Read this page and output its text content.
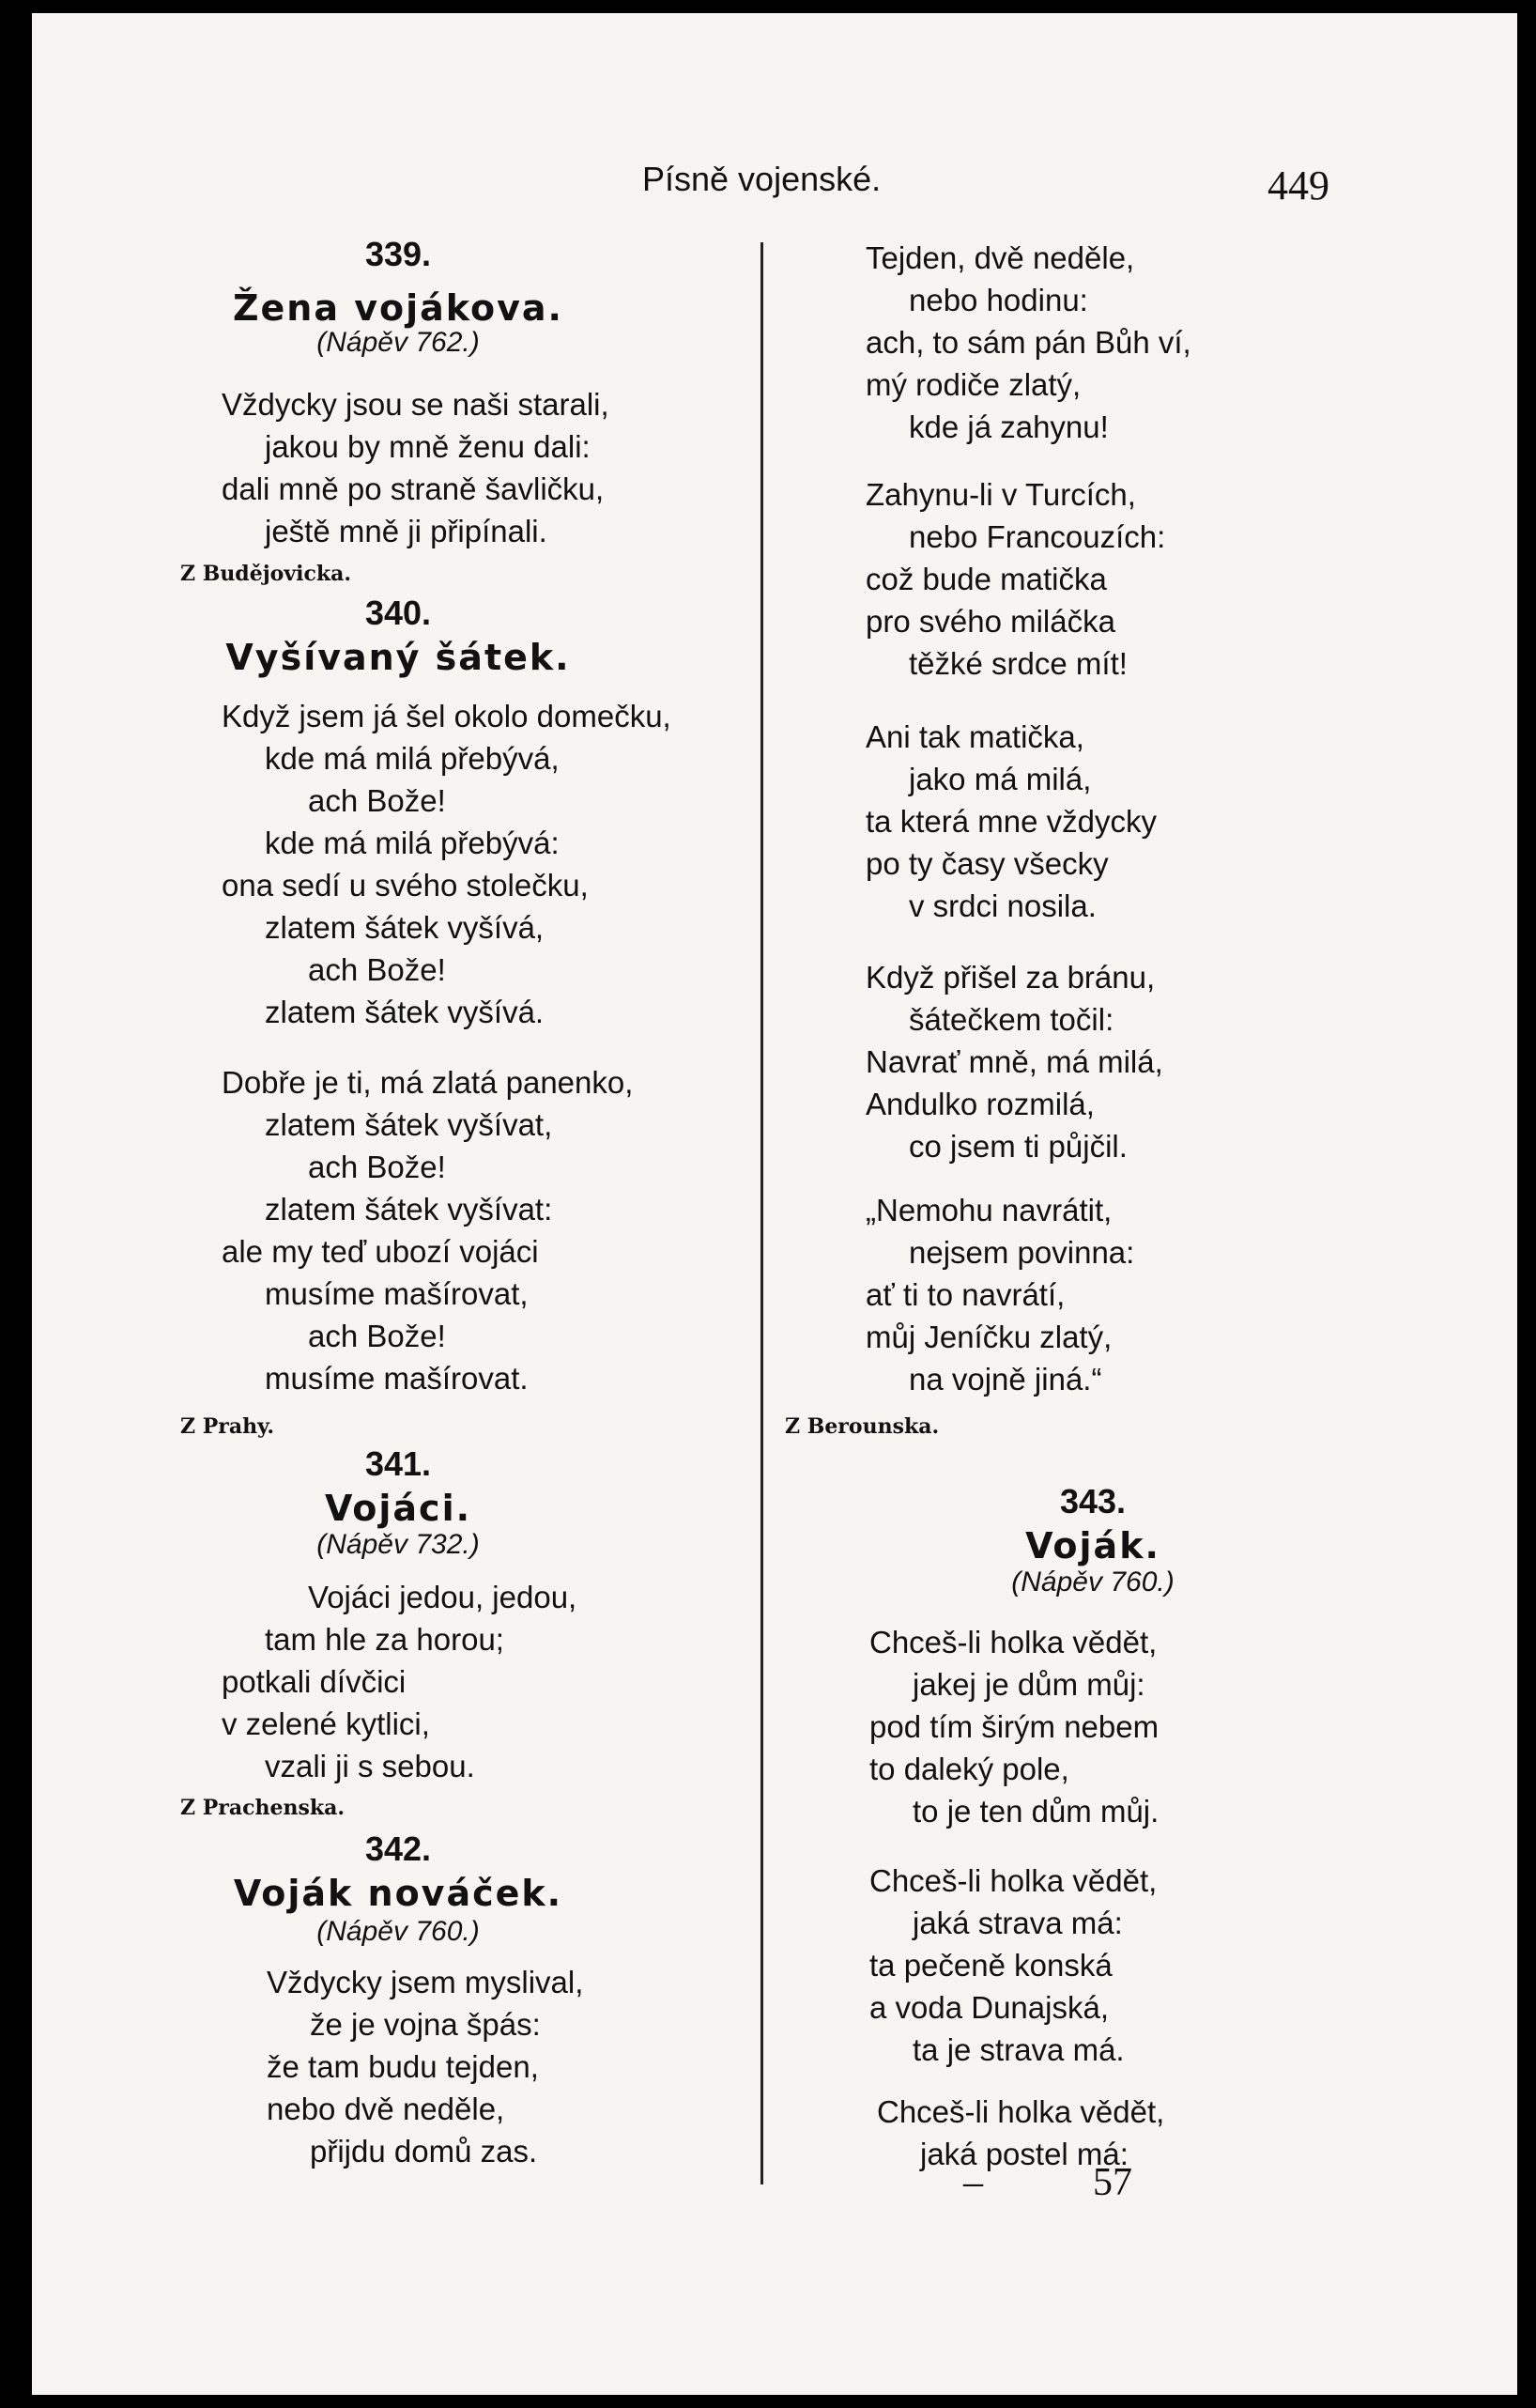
Písně vojenské.	449
339.
Žena vojákova.
(Nápěv 762.)
Vždycky jsou se naši starali,
jakou by mně ženu dali:
dali mně po straně šavličku,
ještě mně ji připínali.
Z Budějovicka.
340.
Vyšívaný šátek.
Když jsem já šel okolo domečku,
kde má milá přebývá,
ach Bože!
kde má milá přebývá:
ona sedí u svého stolečku,
zlatem šátek vyšívá,
ach Bože!
zlatem šátek vyšívá.
Dobře je ti, má zlatá panenko,
zlatem šátek vyšívat,
ach Bože!
zlatem šátek vyšívat:
ale my teď ubozí vojáci
musíme mašírovat,
ach Bože!
musíme mašírovat.
Z Prahy.
341.
Vojáci.
(Nápěv 732.)
Vojáci jedou, jedou,
tam hle za horou;
potkali dívčici
v zelené kytlici,
vzali ji s sebou.
Z Prachenska.
342.
Voják nováček.
(Nápěv 760.)
Vždycky jsem myslival,
že je vojna špás:
že tam budu tejden,
nebo dvě neděle,
přijdu domů zas.
Tejden, dvě neděle,
nebo hodinu:
ach, to sám pán Bůh ví,
mý rodiče zlatý,
kde já zahynu!
Zahynu-li v Turcích,
nebo Francouzích:
což bude matička
pro svého miláčka
těžké srdce mít!
Ani tak matička,
jako má milá,
ta která mne vždycky
po ty časy všecky
v srdci nosila.
Když přišel za bránu,
šátečkem točil:
Navrať mně, má milá,
Andulko rozmilá,
co jsem ti půjčil.
„Nemohu navrátit,
nejsem povinna:
ať ti to navrátí,
můj Jeníčku zlatý,
na vojně jiná.“
Z Berounska.
343.
Voják.
(Nápěv 760.)
Chceš-li holka vědět,
jakej je dům můj:
pod tím širým nebem
to daleký pole,
to je ten dům můj.
Chceš-li holka vědět,
jaká strava má:
ta pečeně konská
a voda Dunajská,
ta je strava má.
Chceš-li holka vědět,
jaká postel má:
–	57
